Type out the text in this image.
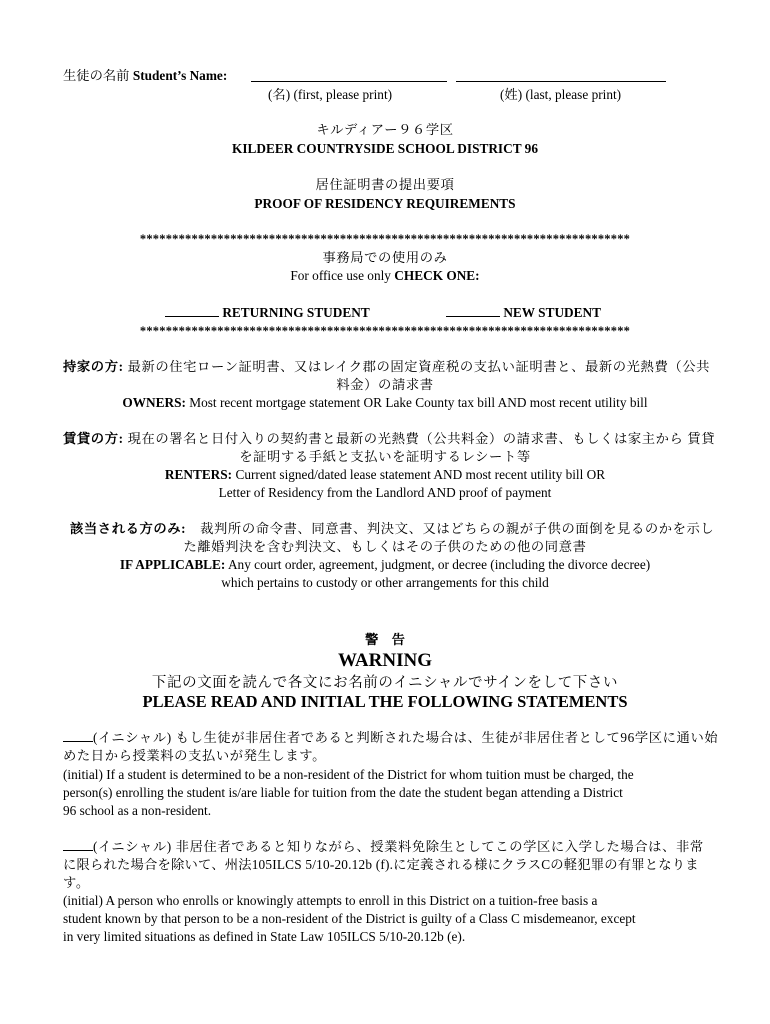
生徒の名前 Student’s Name:
(名) (first, please print)	(姓) (last, please print)
キルディアー９６学区
KILDEER COUNTRYSIDE SCHOOL DISTRICT 96
居住証明書の提出要項
PROOF OF RESIDENCY REQUIREMENTS
****************************************************************************
事務局での使用のみ
For office use only CHECK ONE:
RETURNING STUDENT	NEW STUDENT
****************************************************************************
持家の方: 最新の住宅ローン証明書、又はレイク郡の固定資産税の支払い証明書と、最新の光熱費（公共
料金）の請求書
OWNERS: Most recent mortgage statement OR Lake County tax bill AND most recent utility bill
賃貸の方: 現在の署名と日付入りの契約書と最新の光熱費（公共料金）の請求書、もしくは家主から 賃貸
を証明する手紙と支払いを証明するレシート等
RENTERS: Current signed/dated lease statement AND most recent utility bill OR
Letter of Residency from the Landlord AND proof of payment
該当される方のみ: 裁判所の命令書、同意書、判決文、又はどちらの親が子供の面倒を見るのかを示し
た離婚判決を含む判決文、もしくはその子供のための他の同意書
IF APPLICABLE: Any court order, agreement, judgment, or decree (including the divorce decree)
which pertains to custody or other arrangements for this child
警　告
WARNING
下記の文面を読んで各文にお名前のイニシャルでサインをして下さい
PLEASE READ AND INITIAL THE FOLLOWING STATEMENTS
(イニシャル) もし生徒が非居住者であると判断された場合は、生徒が非居住者として96学区に通い始
めた日から授業料の支払いが発生します。
(initial) If a student is determined to be a non-resident of the District for whom tuition must be charged, the
person(s) enrolling the student is/are liable for tuition from the date the student began attending a District
96 school as a non-resident.
(イニシャル) 非居住者であると知りながら、授業料免除生としてこの学区に入学した場合は、非常
に限られた場合を除いて、州法105ILCS 5/10-20.12b (f).に定義される様にクラスCの軽犯罪の有罪となりま
す。
(initial) A person who enrolls or knowingly attempts to enroll in this District on a tuition-free basis a
student known by that person to be a non-resident of the District is guilty of a Class C misdemeanor, except
in very limited situations as defined in State Law 105ILCS 5/10-20.12b (e).
